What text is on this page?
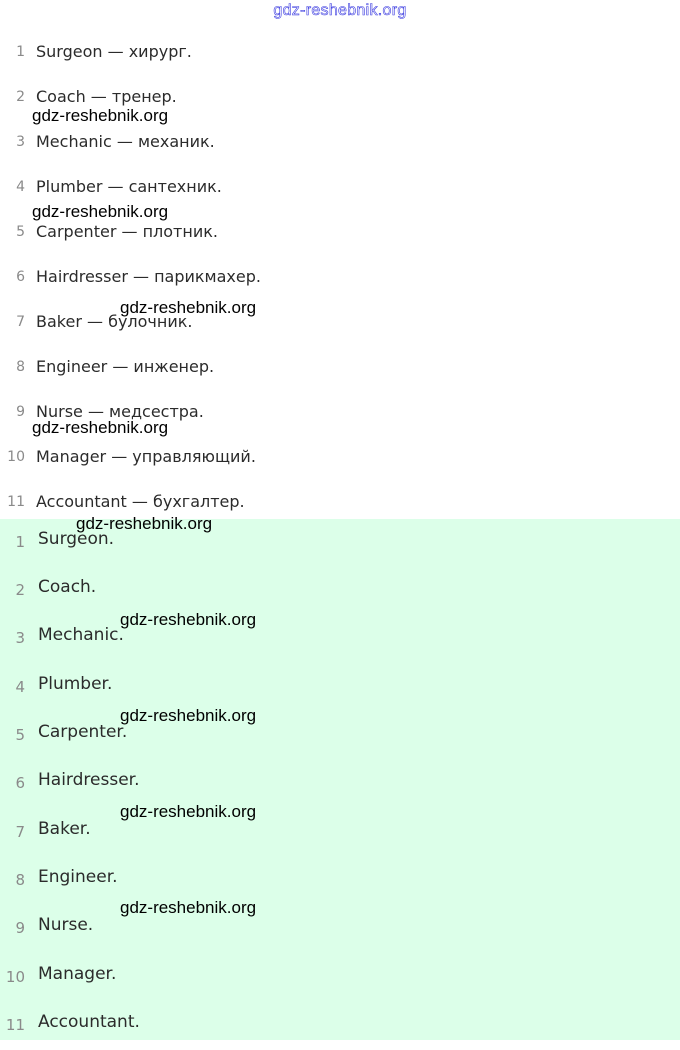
gdz-reshebnik.org
1 Surgeon — хирург.
2 Coach — тренер.
3 Mechanic — механик.
4 Plumber — сантехник.
5 Carpenter — плотник.
6 Hairdresser — парикмахер.
7 Baker — булочник.
8 Engineer — инженер.
9 Nurse — медсестра.
10 Manager — управляющий.
11 Accountant — бухгалтер.
1 Surgeon.
2 Coach.
3 Mechanic.
4 Plumber.
5 Carpenter.
6 Hairdresser.
7 Baker.
8 Engineer.
9 Nurse.
10 Manager.
11 Accountant.
gdz-reshebnik.org
gdz-reshebnik.org
gdz-reshebnik.org
gdz-reshebnik.org
gdz-reshebnik.org
gdz-reshebnik.org
gdz-reshebnik.org
gdz-reshebnik.org
gdz-reshebnik.org
